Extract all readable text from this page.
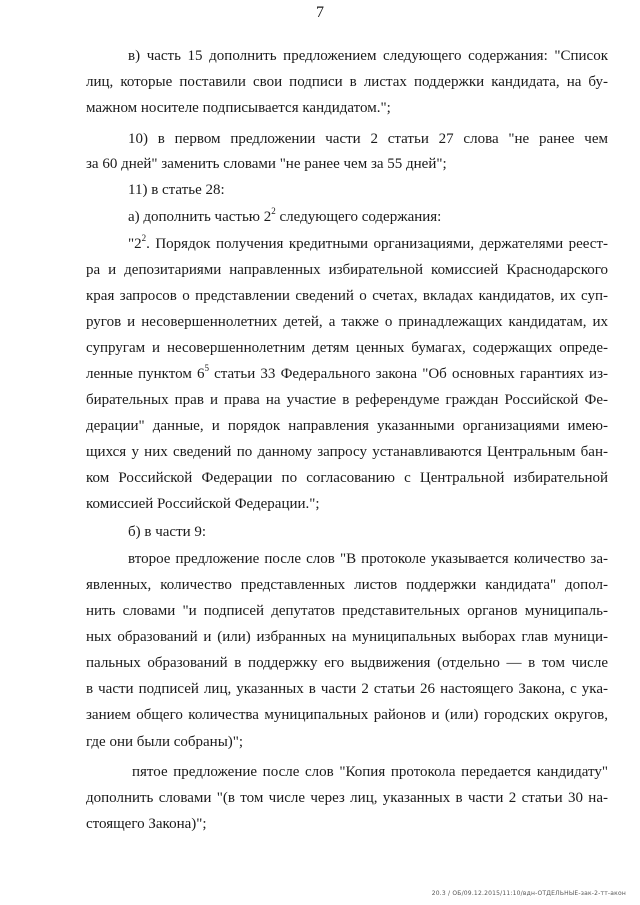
7
в) часть 15 дополнить предложением следующего содержания: "Список
лиц, которые поставили свои подписи в листах поддержки кандидата, на бу-
мажном носителе подписывается кандидатом.";
10) в первом предложении части 2 статьи 27 слова "не ранее чем
за 60 дней" заменить словами "не ранее чем за 55 дней";
11) в статье 28:
а) дополнить частью $2^2$ следующего содержания:
"$2^2$. Порядок получения кредитными организациями, держателями реест-
ра и депозитариями направленных избирательной комиссией Краснодарского
края запросов о представлении сведений о счетах, вкладах кандидатов, их суп-
ругов и несовершеннолетних детей, а также о принадлежащих кандидатам, их
супругам и несовершеннолетним детям ценных бумагах, содержащих опреде-
ленные пунктом $6^5$ статьи 33 Федерального закона "Об основных гарантиях из-
бирательных прав и права на участие в референдуме граждан Российской Фе-
дерации" данные, и порядок направления указанными организациями имею-
щихся у них сведений по данному запросу устанавливаются Центральным бан-
ком Российской Федерации по согласованию с Центральной избирательной
комиссией Российской Федерации.";
б) в части 9:
второе предложение после слов "В протоколе указывается количество за-
явленных, количество представленных листов поддержки кандидата" допол-
нить словами "и подписей депутатов представительных органов муниципаль-
ных образований и (или) избранных на муниципальных выборах глав муници-
пальных образований в поддержку его выдвижения (отдельно — в том числе
в части подписей лиц, указанных в части 2 статьи 26 настоящего Закона, с ука-
занием общего количества муниципальных районов и (или) городских округов,
где они были собраны)";
пятое предложение после слов "Копия протокола передается кандидату"
дополнить словами "(в том числе через лиц, указанных в части 2 статьи 30 на-
стоящего Закона)";
20.3 / ОБ/09.12.2015/11:10/вдн-ОТДЕЛЬНЫЕ-зак-2-тт-акон
